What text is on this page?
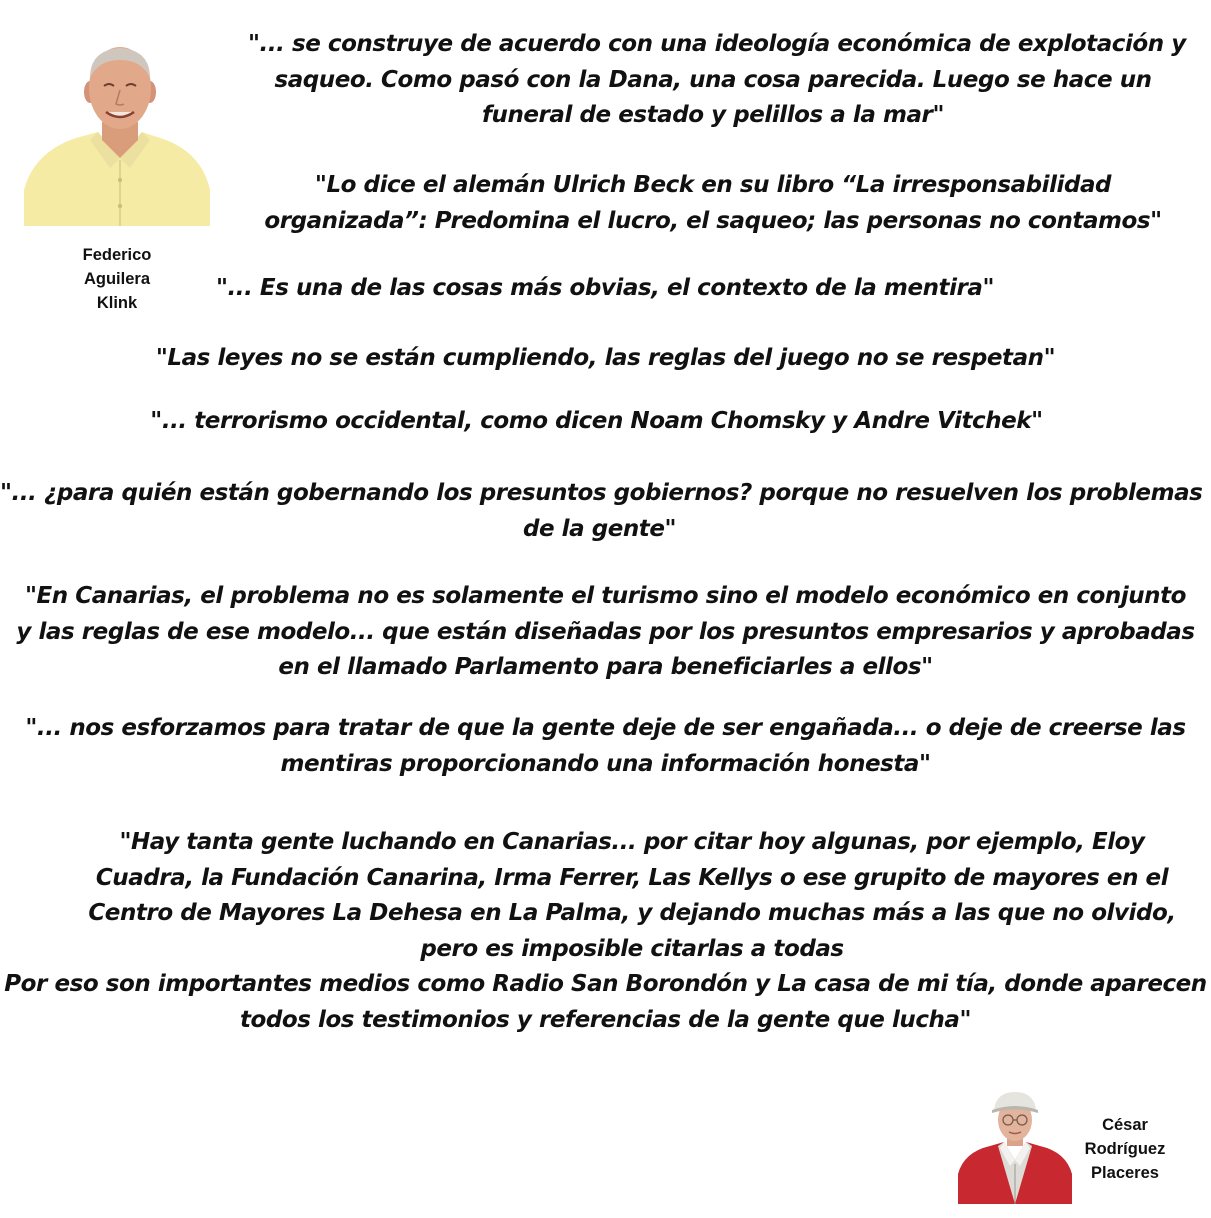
Federico
Aguilera
Klink

"... se construye de acuerdo con una ideología económica de explotación y
saqueo. Como pasó con la Dana, una cosa parecida. Luego se hace un
funeral de estado y pelillos a la mar"

"Lo dice el alemán Ulrich Beck en su libro “La irresponsabilidad
organizada”: Predomina el lucro, el saqueo; las personas no contamos"

"... Es una de las cosas más obvias, el contexto de la mentira"

"Las leyes no se están cumpliendo, las reglas del juego no se respetan"

"... terrorismo occidental, como dicen Noam Chomsky y Andre Vitchek"

"... ¿para quién están gobernando los presuntos gobiernos? porque no resuelven los problemas
de la gente"

"En Canarias, el problema no es solamente el turismo sino el modelo económico en conjunto
y las reglas de ese modelo... que están diseñadas por los presuntos empresarios y aprobadas
en el llamado Parlamento para beneficiarles a ellos"

"... nos esforzamos para tratar de que la gente deje de ser engañada... o deje de creerse las
mentiras proporcionando una información honesta"

"Hay tanta gente luchando en Canarias... por citar hoy algunas, por ejemplo, Eloy
Cuadra, la Fundación Canarina, Irma Ferrer, Las Kellys o ese grupito de mayores en el
Centro de Mayores La Dehesa en La Palma, y dejando muchas más a las que no olvido,
pero es imposible citarlas a todas

Por eso son importantes medios como Radio San Borondón y La casa de mi tía, donde aparecen
todos los testimonios y referencias de la gente que lucha"

César
Rodríguez
Placeres
